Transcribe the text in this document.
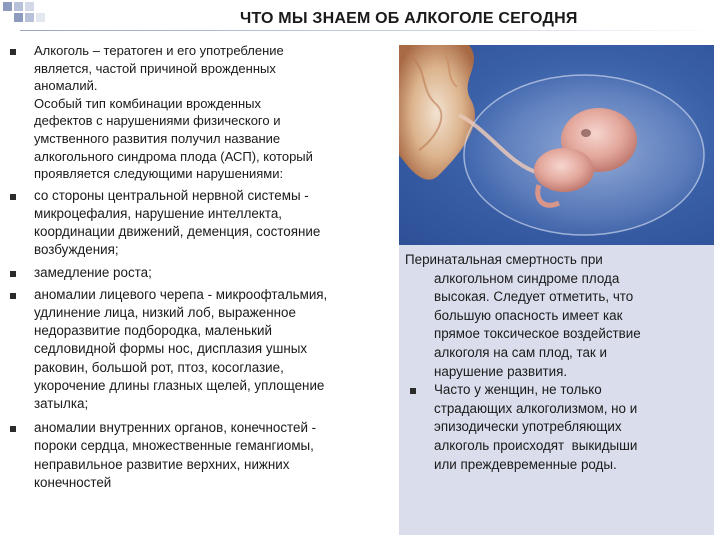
ЧТО МЫ ЗНАЕМ ОБ АЛКОГОЛЕ СЕГОДНЯ

Алкоголь – тератоген и его употребление

является, частой причиной врожденных

аномалий.

Особый тип комбинации врожденных

дефектов с нарушениями физического и

умственного развития получил название

алкогольного синдрома плода (АСП), который

проявляется следующими нарушениями:

со стороны центральной нервной системы -

микроцефалия, нарушение интеллекта,

координации движений, деменция, состояние

возбуждения;

замедление роста;

аномалии лицевого черепа - микроофтальмия,

удлинение лица, низкий лоб, выраженное

недоразвитие подбородка, маленький

седловидной формы нос, дисплазия ушных

раковин, большой рот, птоз, косоглазие,

укорочение длины глазных щелей, уплощение

затылка;

аномалии внутренних органов, конечностей -

пороки сердца, множественные гемангиомы,

неправильное развитие верхних, нижних

конечностей

Перинатальная смертность при
алкогольном синдроме плода
высокая. Следует отметить, что
большую опасность имеет как
прямое токсическое воздействие
алкоголя на сам плод, так и
нарушение развития.
Часто у женщин, не только
страдающих алкоголизмом, но и
эпизодически употребляющих
алкоголь происходят  выкидыши
или преждевременные роды.
